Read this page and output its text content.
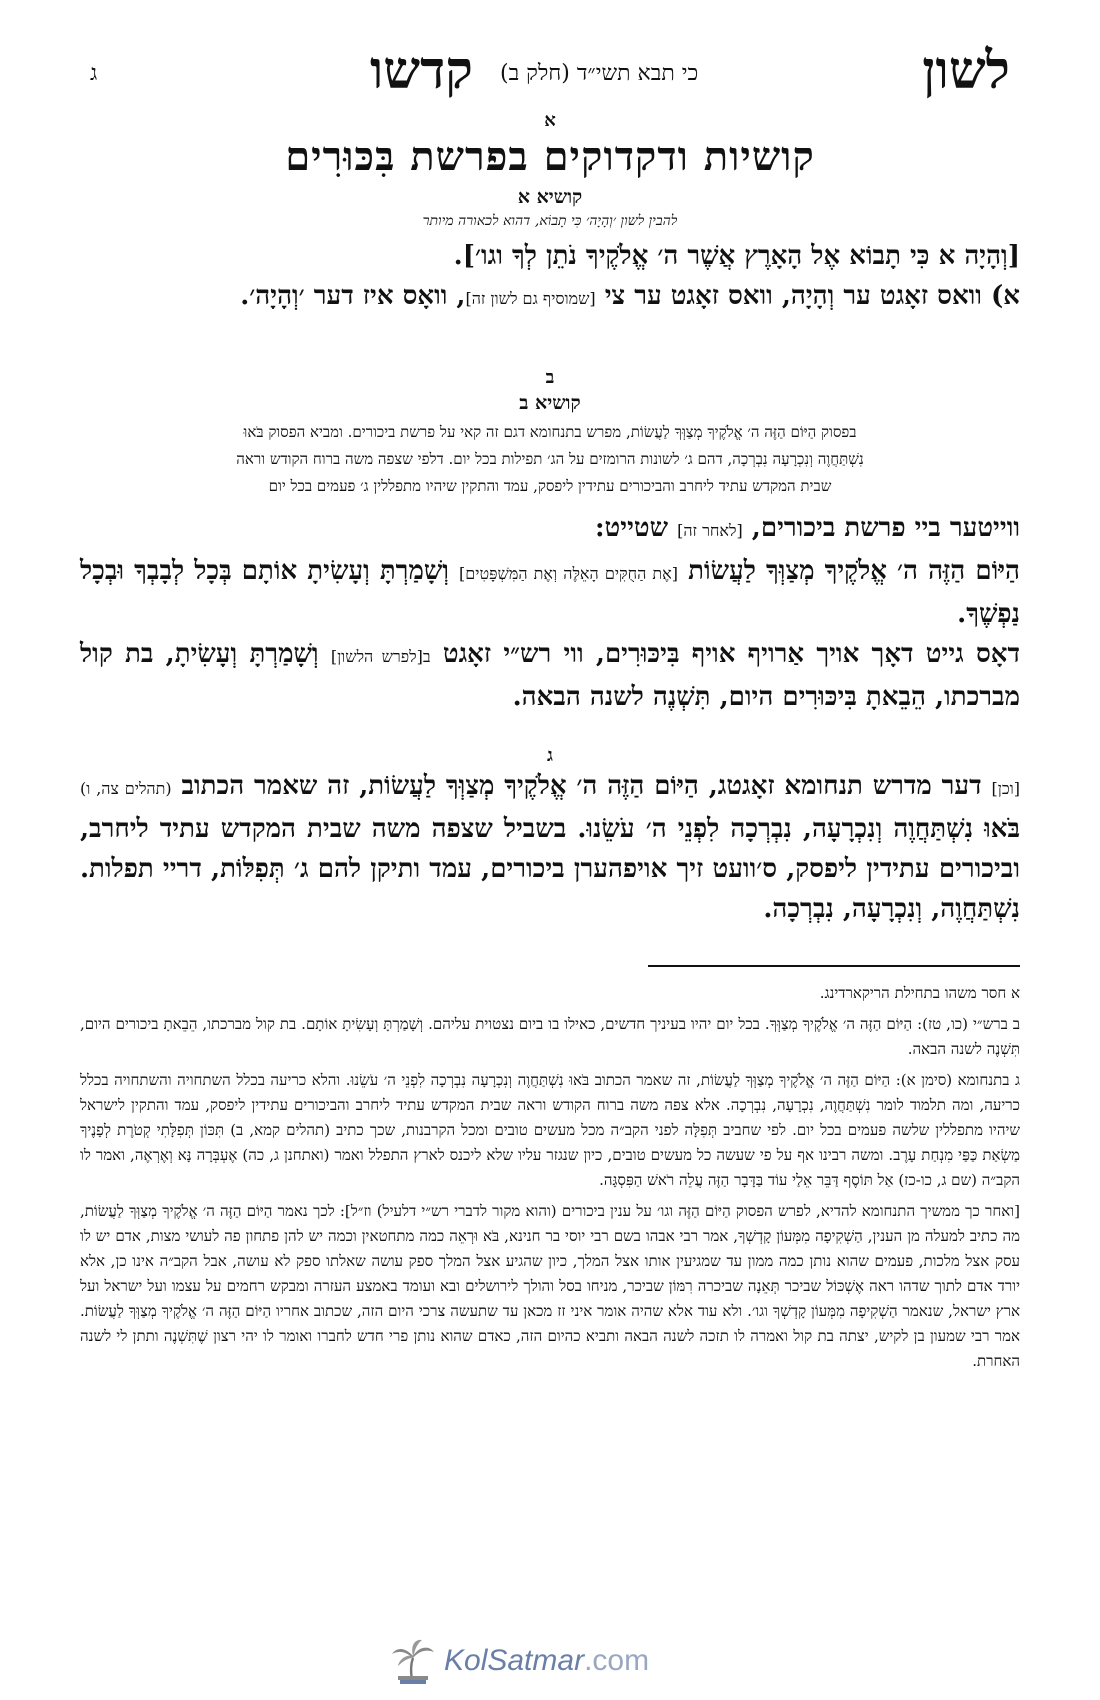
לשון
קדשו כי תבא תשי״ד (חלק ב)
ג

א

קושיות ודקדוקים בפרשת בִּכּוּרִים

קושיא א

להבין לשון ׳וְהָיָה׳ כִּי תָבוֹא, דהוא לכאורה מיותר

[וְהָיָה א כִּי תָבוֹא אֶל הָאָרֶץ אֲשֶׁר ה׳ אֱלֹקֶיךָ נֹתֵן לְךָ וגו׳].

א) וואס זאָגט ער וְהָיָה, וואס זאָגט ער צי [שמוסיף גם לשון זה], וואָס איז דער ׳וְהָיָה׳.

ב

קושיא ב

בפסוק הַיּוֹם הַזֶּה ה׳ אֱלֹקֶיךָ מְצַוְּךָ לַעֲשׂוֹת, מפרש בתנחומא דגם זה קאי על פרשת ביכורים. ומביא הפסוק בֹּאוּ
נִשְׁתַּחֲוֶה וְנִכְרָעָה נִבְרְכָה, דהם ג׳ לשונות הרומזים על הג׳ תפילות בכל יום. דלפי שצפה משה ברוח הקודש וראה
שבית המקדש עתיד ליחרב והביכורים עתידין ליפסק, עמד והתקין שיהיו מתפללין ג׳ פעמים בכל יום

ווייטער ביי פרשת ביכורים, [לאחר זה] שטייט:

הַיּוֹם הַזֶּה ה׳ אֱלֹקֶיךָ מְצַוְּךָ לַעֲשׂוֹת [אֶת הַחֻקִּים הָאֵלֶּה וְאֶת הַמִּשְׁפָּטִים] וְשָׁמַרְתָּ וְעָשִׂיתָ אוֹתָם בְּכָל לְבָבְךָ וּבְכָל נַפְשֶׁךָ.

דאָס גייט דאָך אויך אַרויף אויף בִּיכּוּרִים, ווי רש״י זאָגט ב[לפרש הלשון] וְשָׁמַרְתָּ וְעָשִׂיתָ, בת קול מברכתו, הֵבֵאתָ בִּיכּוּרִים היום, תִּשְׁנֶה לשנה הבאה.

ג

[וכן] דער מדרש תנחומא זאָגטג, הַיּוֹם הַזֶּה ה׳ אֱלֹקֶיךָ מְצַוְּךָ לַעֲשׂוֹת, זה שאמר הכתוב (תהלים צה, ו) בֹּאוּ נִשְׁתַּחֲוֶה וְנִכְרָעָה, נִבְרְכָה לִפְנֵי ה׳ עֹשֵׂנוּ. בשביל שצפה משה שבית המקדש עתיד ליחרב, וביכורים עתידין ליפסק, ס׳וועט זיך אויפהערן ביכורים, עמד ותיקן להם ג׳ תְּפִלּוֹת, דריי תפלות. נִשְׁתַּחֲוֶה, וְנִכְרָעָה, נִבְרְכָה.

א חסר משהו בתחילת הריקארדינג.

ב ברש״י (כו, טז): הַיּוֹם הַזֶּה ה׳ אֱלֹקֶיךָ מְצַוְּךָ. בכל יום יהיו בעיניך חדשים, כאילו בו ביום נצטוית עליהם. וְשָׁמַרְתָּ וְעָשִׂיתָ אוֹתָם. בת קול מברכתו, הֵבֵאתָ ביכורים היום, תִּשְׁנֶה לשנה הבאה.

ג בתנחומא (סימן א): הַיּוֹם הַזֶּה ה׳ אֱלֹקֶיךָ מְצַוְּךָ לַעֲשׂוֹת, זה שאמר הכתוב בֹּאוּ נִשְׁתַּחֲוֶה וְנִכְרָעָה נִבְרְכָה לִפְנֵי ה׳ עֹשֵׂנוּ. והלא כריעה בכלל השתחויה והשתחויה בכלל כריעה, ומה תלמוד לומר נִשְׁתַּחֲוֶה, נִכְרָעָה, נִבְרְכָה. אלא צפה משה ברוח הקודש וראה שבית המקדש עתיד ליחרב והביכורים עתידין ליפסק, עמד והתקין לישראל שיהיו מתפללין שלשה פעמים בכל יום. לפי שחביב תְּפִלָּה לפני הקב״ה מכל מעשים טובים ומכל הקרבנות, שכך כתיב (תהלים קמא, ב) תִּכּוֹן תְּפִלָּתִי קְטֹרֶת לְפָנֶיךָ מַשְׂאַת כַּפַּי מִנְחַת עָרֶב. ומשה רבינו אף על פי שעשה כל מעשים טובים, כיון שנגזר עליו שלא ליכנס לארץ התפלל ואמר (ואתחנן ג, כה) אֶעְבְּרָה נָּא וְאֶרְאֶה, ואמר לו הקב״ה (שם ג, כו-כז) אַל תּוֹסֶף דַּבֵּר אֵלַי עוֹד בַּדָּבָר הַזֶּה עֲלֵה רֹאשׁ הַפִּסְגָּה.

[ואחר כך ממשיך התנחומא להדיא, לפרש הפסוק הַיּוֹם הַזֶּה וגו׳ על ענין ביכורים (והוא מקור לדברי רש״י דלעיל) וז״ל]: לכך נאמר הַיּוֹם הַזֶּה ה׳ אֱלֹקֶיךָ מְצַוְּךָ לַעֲשׂוֹת, מה כתיב למעלה מן הענין, הַשְׁקִיפָה מִמְּעוֹן קָדְשְׁךָ, אמר רבי אבהו בשם רבי יוסי בר חנינא, בֹּא וּרְאֵה כמה מתחטאין וכמה יש להן פתחון פה לעושי מצות, אדם יש לו עסק אצל מלכות, פעמים שהוא נותן כמה ממון עד שמגיעין אותו אצל המלך, כיון שהגיע אצל המלך ספק עושה שאלתו ספק לא עושה, אבל הקב״ה אינו כן, אלא יורד אדם לתוך שדהו ראה אֶשְׁכּוֹל שביכר תְּאֵנָה שביכרה רִמּוֹן שביכר, מניחו בסל והולך לירושלים ובא ועומד באמצע העזרה ומבקש רחמים על עצמו ועל ישראל ועל ארץ ישראל, שנאמר הַשְׁקִיפָה מִמְּעוֹן קָדְשְׁךָ וגו׳. ולא עוד אלא שהיה אומר איני זז מכאן עד שתעשה צרכי היום הזה, שכתוב אחריו הַיּוֹם הַזֶּה ה׳ אֱלֹקֶיךָ מְצַוְּךָ לַעֲשׂוֹת. אמר רבי שמעון בן לקיש, יצתה בת קול ואמרה לו תזכה לשנה הבאה ותביא כהיום הזה, כאדם שהוא נותן פרי חדש לחברו ואומר לו יהי רצון שֶׁתִּשְׁנֶה ותתן לי לשנה האחרת.

KolSatmar.com
